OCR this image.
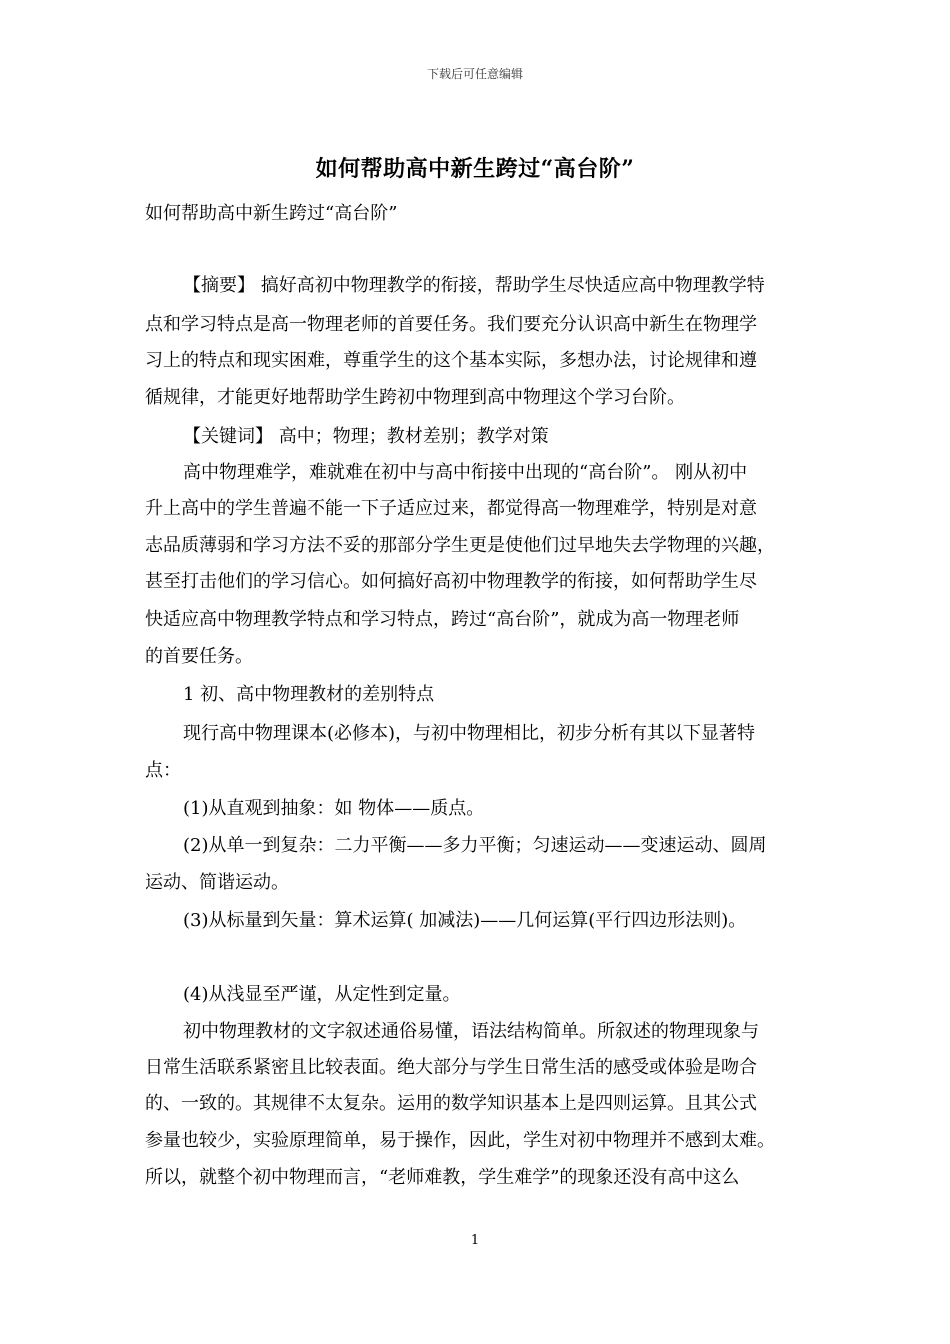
下载后可任意编辑
如何帮助高中新生跨过“高台阶”
如何帮助高中新生跨过“高台阶”
【摘要】 搞好高初中物理教学的衔接，帮助学生尽快适应高中物理教学特
点和学习特点是高一物理老师的首要任务。我们要充分认识高中新生在物理学
习上的特点和现实困难，尊重学生的这个基本实际，多想办法，讨论规律和遵
循规律，才能更好地帮助学生跨初中物理到高中物理这个学习台阶。
【关键词】 高中；物理；教材差别；教学对策
高中物理难学，难就难在初中与高中衔接中出现的“高台阶”。 刚从初中
升上高中的学生普遍不能一下子适应过来，都觉得高一物理难学，特别是对意
志品质薄弱和学习方法不妥的那部分学生更是使他们过早地失去学物理的兴趣，
甚至打击他们的学习信心。如何搞好高初中物理教学的衔接，如何帮助学生尽
快适应高中物理教学特点和学习特点，跨过“高台阶”，就成为高一物理老师
的首要任务。
1 初、高中物理教材的差别特点
现行高中物理课本(必修本)，与初中物理相比，初步分析有其以下显著特
点：
(1)从直观到抽象：如 物体——质点。
(2)从单一到复杂：二力平衡——多力平衡；匀速运动——变速运动、圆周
运动、简谐运动。
(3)从标量到矢量：算术运算( 加减法)——几何运算(平行四边形法则)。
(4)从浅显至严谨，从定性到定量。
初中物理教材的文字叙述通俗易懂，语法结构简单。所叙述的物理现象与
日常生活联系紧密且比较表面。绝大部分与学生日常生活的感受或体验是吻合
的、一致的。其规律不太复杂。运用的数学知识基本上是四则运算。且其公式
参量也较少，实验原理简单，易于操作，因此，学生对初中物理并不感到太难。
所以，就整个初中物理而言，“老师难教，学生难学”的现象还没有高中这么
1
